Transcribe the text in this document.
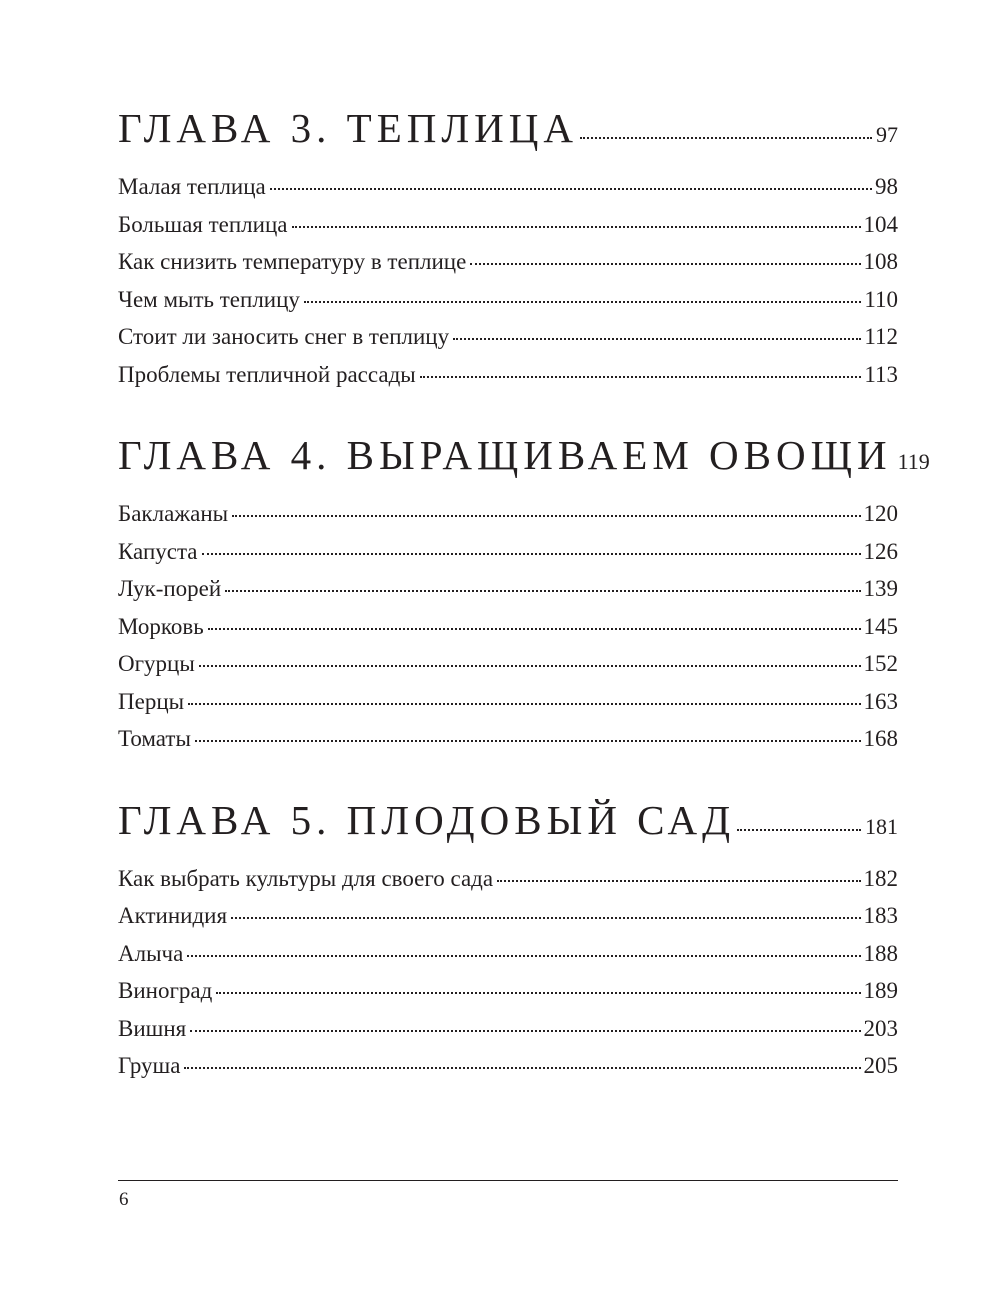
ГЛАВА 3. ТЕПЛИЦА	97
Малая теплица	98
Большая теплица	104
Как снизить температуру в теплице	108
Чем мыть теплицу	110
Стоит ли заносить снег в теплицу	112
Проблемы тепличной рассады	113
ГЛАВА 4. ВЫРАЩИВАЕМ ОВОЩИ 119
Баклажаны	120
Капуста	126
Лук-порей	139
Морковь	145
Огурцы	152
Перцы	163
Томаты	168
ГЛАВА 5. ПЛОДОВЫЙ САД	181
Как выбрать культуры для своего сада	182
Актинидия	183
Алыча	188
Виноград	189
Вишня	203
Груша	205
6
